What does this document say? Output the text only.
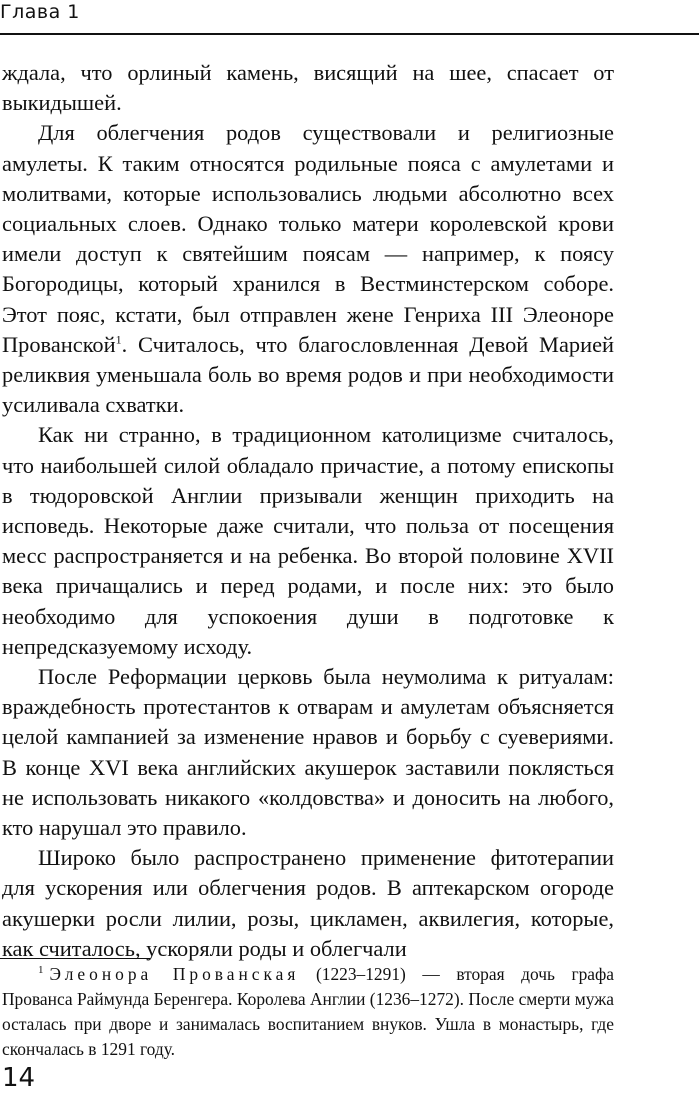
Глава 1

ждала, что орлиный камень, висящий на шее, спасает от выкидышей.

Для облегчения родов существовали и религиозные амулеты. К таким относятся родильные пояса с амулетами и молитвами, которые использовались людьми абсолютно всех социальных слоев. Однако только матери королевской крови имели доступ к святейшим поясам — например, к поясу Богородицы, который хранился в Вестминстерском соборе. Этот пояс, кстати, был отправлен жене Генриха III Элеоноре Прованской$^1$. Считалось, что благословленная Девой Марией реликвия уменьшала боль во время родов и при необходимости усиливала схватки.

Как ни странно, в традиционном католицизме считалось, что наибольшей силой обладало причастие, а потому епископы в тюдоровской Англии призывали женщин приходить на исповедь. Некоторые даже считали, что польза от посещения месс распространяется и на ребенка. Во второй половине XVII века причащались и перед родами, и после них: это было необходимо для успокоения души в подготовке к непредсказуемому исходу.

После Реформации церковь была неумолима к ритуалам: враждебность протестантов к отварам и амулетам объясняется целой кампанией за изменение нравов и борьбу с суевериями. В конце XVI века английских акушерок заставили поклясться не использовать никакого «колдовства» и доносить на любого, кто нарушал это правило.

Широко было распространено применение фитотерапии для ускорения или облегчения родов. В аптекарском огороде акушерки росли лилии, розы, цикламен, аквилегия, которые, как считалось, ускоряли роды и облегчали

$^1$ Элеонора Прованская (1223–1291) — вторая дочь графа Прованса Раймунда Беренгера. Королева Англии (1236–1272). После смерти мужа осталась при дворе и занималась воспитанием внуков. Ушла в монастырь, где скончалась в 1291 году.

14
